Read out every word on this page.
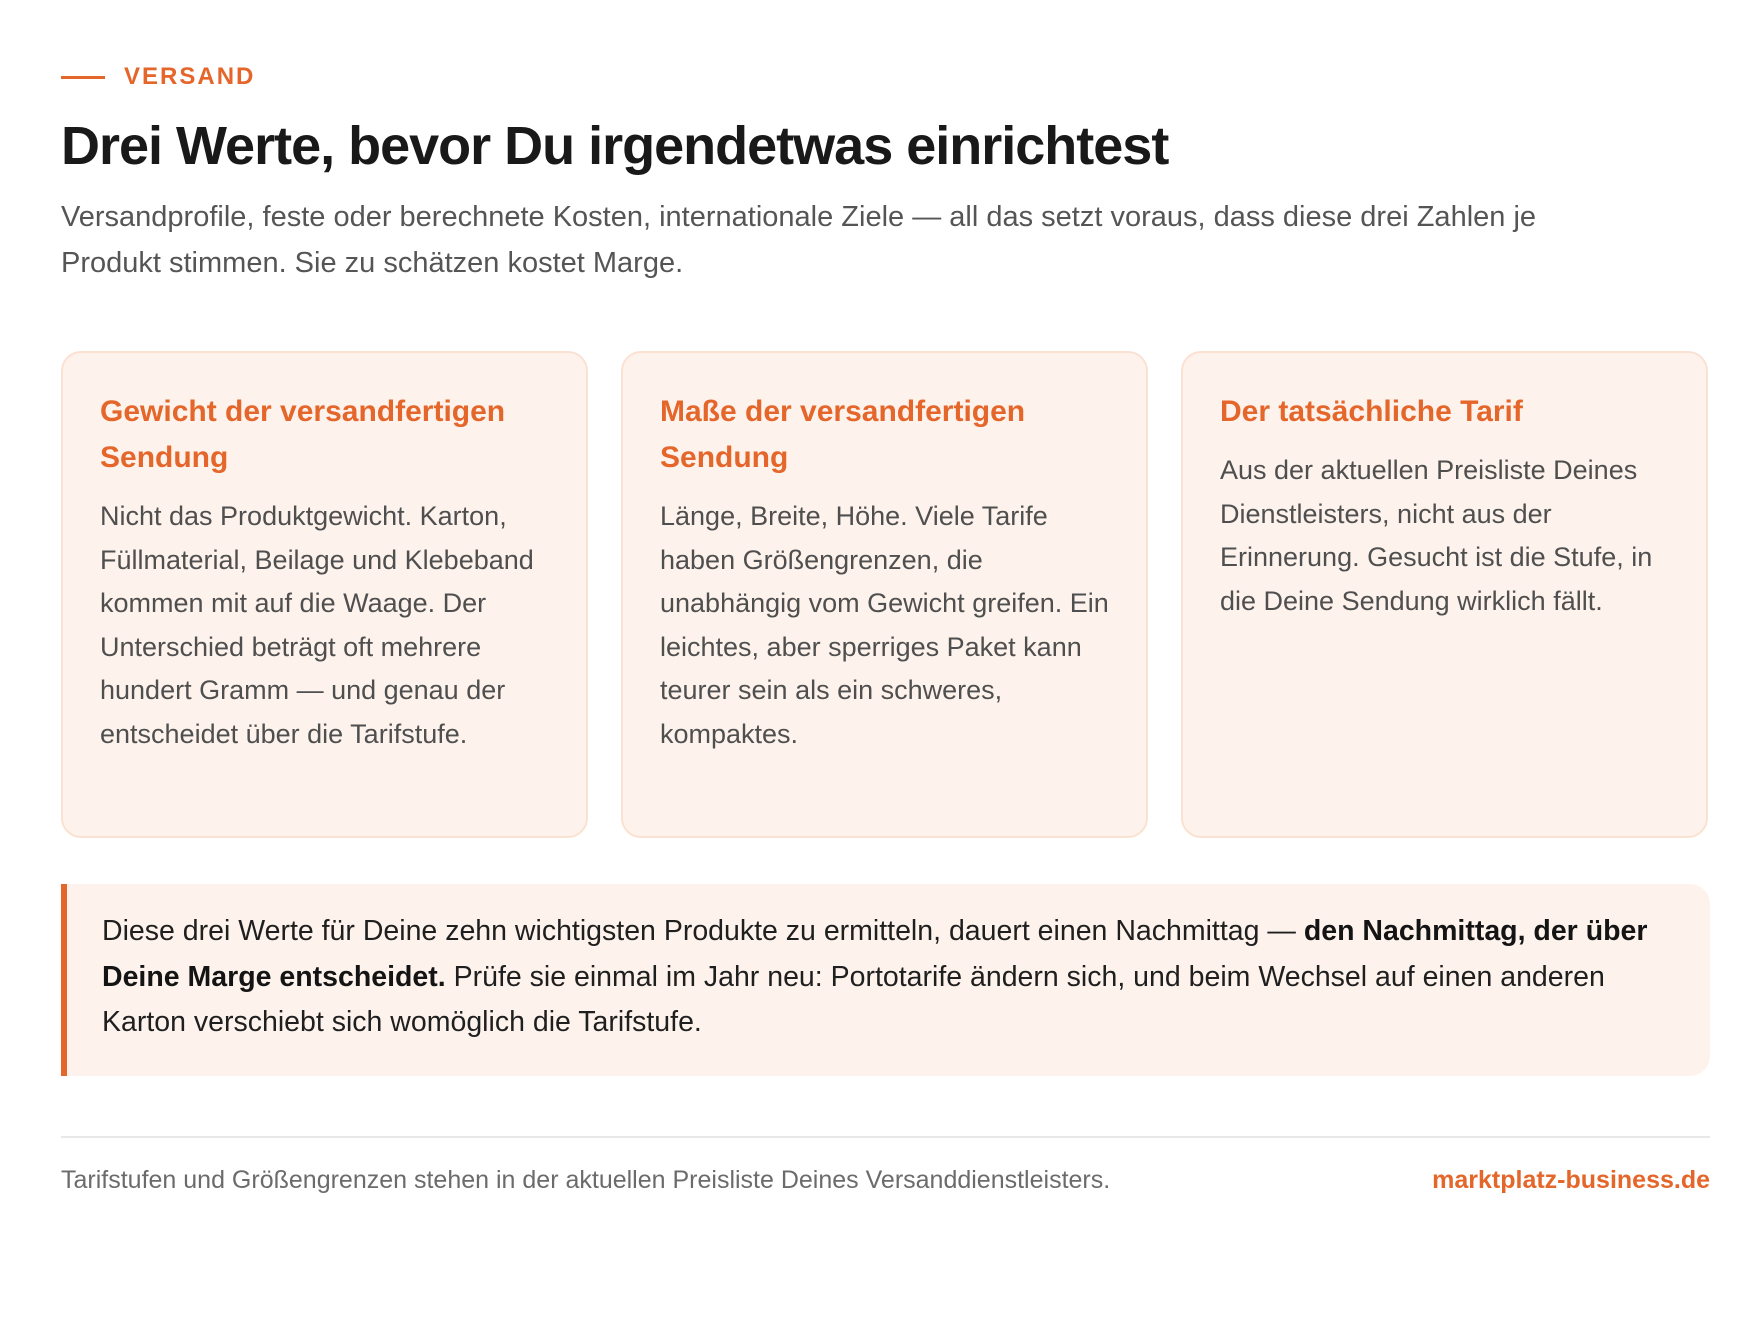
VERSAND
Drei Werte, bevor Du irgendetwas einrichtest

Versandprofile, feste oder berechnete Kosten, internationale Ziele — all das setzt voraus, dass diese drei Zahlen je Produkt stimmen. Sie zu schätzen kostet Marge.

Gewicht der versandfertigen Sendung

Nicht das Produktgewicht. Karton, Füllmaterial, Beilage und Klebeband kommen mit auf die Waage. Der Unterschied beträgt oft mehrere hundert Gramm — und genau der entscheidet über die Tarifstufe.

Maße der versandfertigen Sendung

Länge, Breite, Höhe. Viele Tarife haben Größengrenzen, die unabhängig vom Gewicht greifen. Ein leichtes, aber sperriges Paket kann teurer sein als ein schweres, kompaktes.

Der tatsächliche Tarif

Aus der aktuellen Preisliste Deines Dienstleisters, nicht aus der Erinnerung. Gesucht ist die Stufe, in die Deine Sendung wirklich fällt.

Diese drei Werte für Deine zehn wichtigsten Produkte zu ermitteln, dauert einen Nachmittag — den Nachmittag, der über Deine Marge entscheidet. Prüfe sie einmal im Jahr neu: Portotarife ändern sich, und beim Wechsel auf einen anderen Karton verschiebt sich womöglich die Tarifstufe.

Tarifstufen und Größengrenzen stehen in der aktuellen Preisliste Deines Versanddienstleisters.	marktplatz-business.de
